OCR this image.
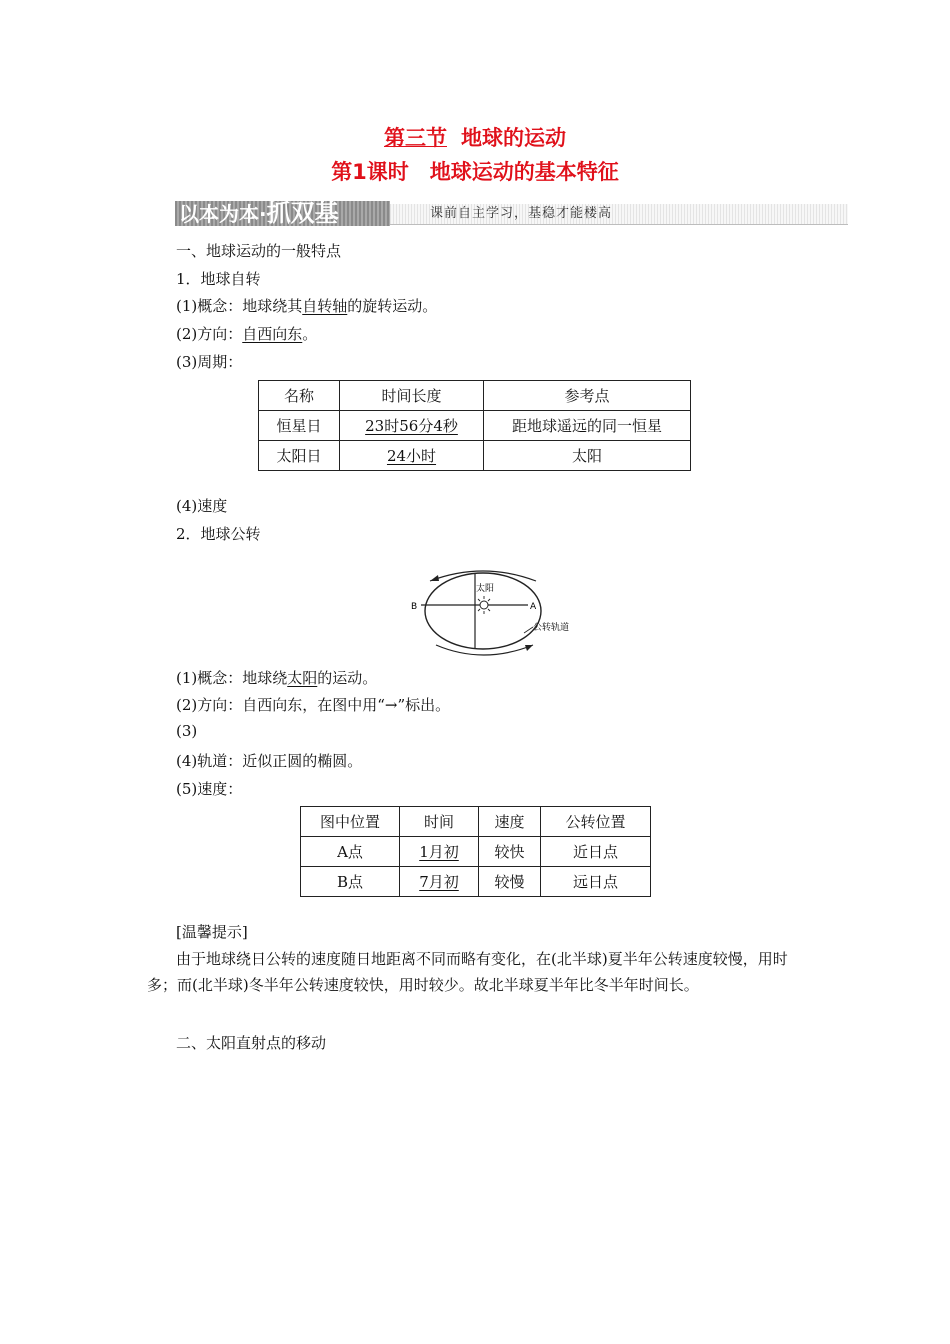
第三节 地球的运动
第1课时　地球运动的基本特征
以本为本·抓双基	课前自主学习，基稳才能楼高
一、地球运动的一般特点
1．地球自转
(1)概念：地球绕其自转轴的旋转运动。
(2)方向：自西向东。
(3)周期：
名称	时间长度	参考点
恒星日	23时56分4秒	距地球遥远的同一恒星
太阳日	24小时	太阳
(4)速度
2．地球公转
太阳
B	A
公转轨道
(1)概念：地球绕太阳的运动。
(2)方向：自西向东，在图中用“→”标出。
(3)
(4)轨道：近似正圆的椭圆。
(5)速度：
图中位置	时间	速度	公转位置
A点	1月初	较快	近日点
B点	7月初	较慢	远日点
[温馨提示]
由于地球绕日公转的速度随日地距离不同而略有变化，在(北半球)夏半年公转速度较慢，用时多；而(北半球)冬半年公转速度较快，用时较少。故北半球夏半年比冬半年时间长。
二、太阳直射点的移动
